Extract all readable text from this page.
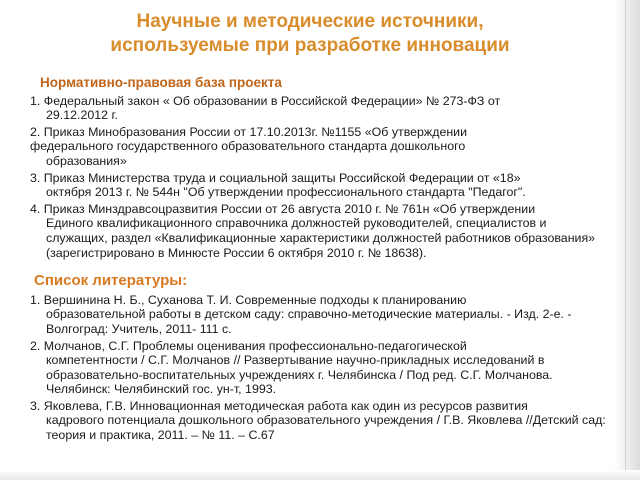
Научные и методические источники,
используемые при разработке инновации
Нормативно-правовая база проекта
1. Федеральный закон « Об образовании в Российской Федерации» № 273-ФЗ от
29.12.2012 г.
2. Приказ Минобразования России от 17.10.2013г. №1155 «Об утверждении
федерального государственного образовательного стандарта дошкольного
образования»
3. Приказ Министерства труда и социальной защиты Российской Федерации от «18»
октября 2013 г. № 544н "Об утверждении профессионального стандарта "Педагог".
4. Приказ Минздравсоцразвития России от 26 августа 2010 г. № 761н «Об утверждении
Единого квалификационного справочника должностей руководителей, специалистов и служащих, раздел «Квалификационные характеристики должностей работников образования» (зарегистрировано в Минюсте России 6 октября 2010 г. № 18638).
Список литературы:
1. Вершинина Н. Б., Суханова Т. И. Современные подходы к планированию
образовательной работы в детском саду: справочно-методические материалы. - Изд. 2-е. - Волгоград: Учитель, 2011- 111 с.
2. Молчанов, С.Г. Проблемы оценивания профессионально-педагогической
компетентности / С.Г. Молчанов // Развертывание научно-прикладных исследований в образовательно-воспитательных учреждениях г. Челябинска / Под ред. С.Г. Молчанова. Челябинск: Челябинский гос. ун-т, 1993.
3. Яковлева, Г.В. Инновационная методическая работа как один из ресурсов развития
кадрового потенциала дошкольного образовательного учреждения / Г.В. Яковлева //Детский сад: теория и практика, 2011. – № 11. – С.67
